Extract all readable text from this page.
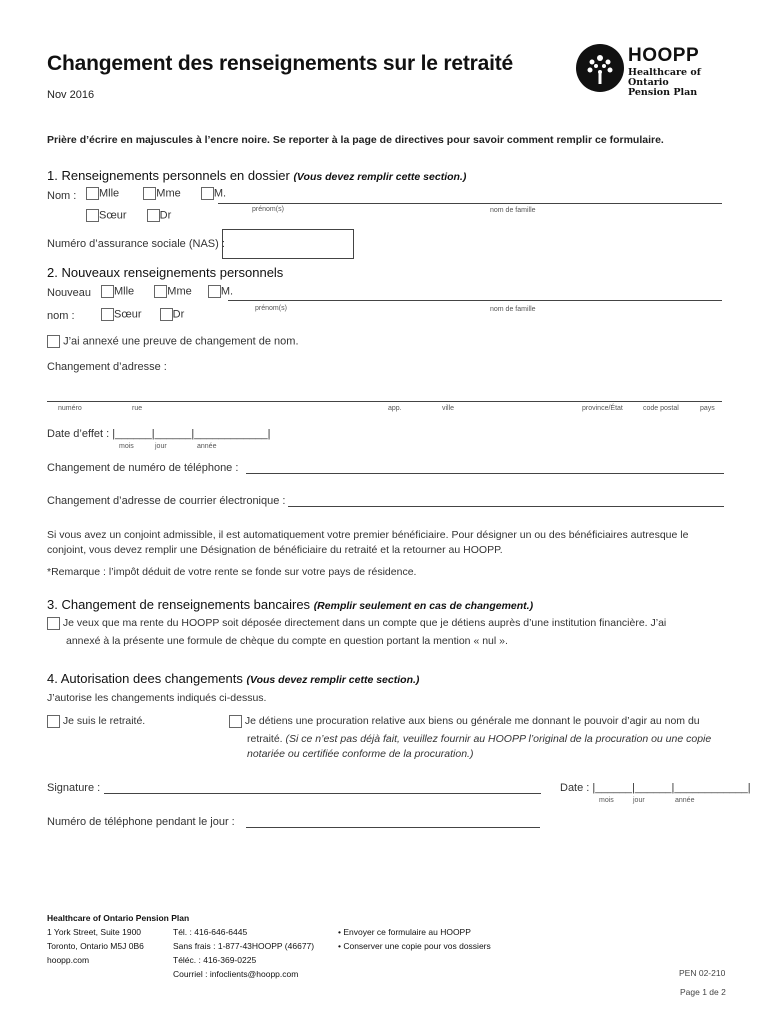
Changement des renseignements sur le retraité
Nov 2016
Prière d’écrire en majuscules à l’encre noire. Se reporter à la page de directives pour savoir comment remplir ce formulaire.
HOOPP
Healthcare of Ontario
Pension Plan
1. Renseignements personnels en dossier (Vous devez remplir cette section.)
Nom :	Mlle	Mme	M.
prénom(s)	nom de famille
Sœur	Dr
Numéro d’assurance sociale (NAS) :
2. Nouveaux renseignements personnels
Nouveau	Mlle	Mme	M.
prénom(s)	nom de famille
nom :	Sœur	Dr
J’ai annexé une preuve de changement de nom.
Changement d’adresse :
numéro	rue	app.	ville	province/État	code postal	pays
Date d’effet : |______|______|____________|
mois	jour	année
Changement de numéro de téléphone :
Changement d’adresse de courrier électronique :
Si vous avez un conjoint admissible, il est automatiquement votre premier bénéficiaire. Pour désigner un ou des bénéficiaires autresque le conjoint, vous devez remplir une Désignation de bénéficiaire du retraité et la retourner au HOOPP.
*Remarque : l’impôt déduit de votre rente se fonde sur votre pays de résidence.
3. Changement de renseignements bancaires (Remplir seulement en cas de changement.)
Je veux que ma rente du HOOPP soit déposée directement dans un compte que je détiens auprès d’une institution financière. J’ai
annexé à la présente une formule de chèque du compte en question portant la mention « nul ».
4. Autorisation dees changements (Vous devez remplir cette section.)
J’autorise les changements indiqués ci-dessus.
Je suis le retraité.	Je détiens une procuration relative aux biens ou générale me donnant le pouvoir d’agir au nom du
retraité. (Si ce n’est pas déjà fait, veuillez fournir au HOOPP l’original de la procuration ou une copie
notariée ou certifiée conforme de la procuration.)
Signature :	Date : |______|______|____________|
mois	jour	année
Numéro de téléphone pendant le jour :
Healthcare of Ontario Pension Plan
1 York Street, Suite 1900
Toronto, Ontario M5J 0B6
hoopp.com
Tél. : 416-646-6445
Sans frais : 1-877-43HOOPP (46677)
Téléc. : 416-369-0225
Courriel : infoclients@hoopp.com
• Envoyer ce formulaire au HOOPP
• Conserver une copie pour vos dossiers
PEN 02-210
Page 1 de 2
